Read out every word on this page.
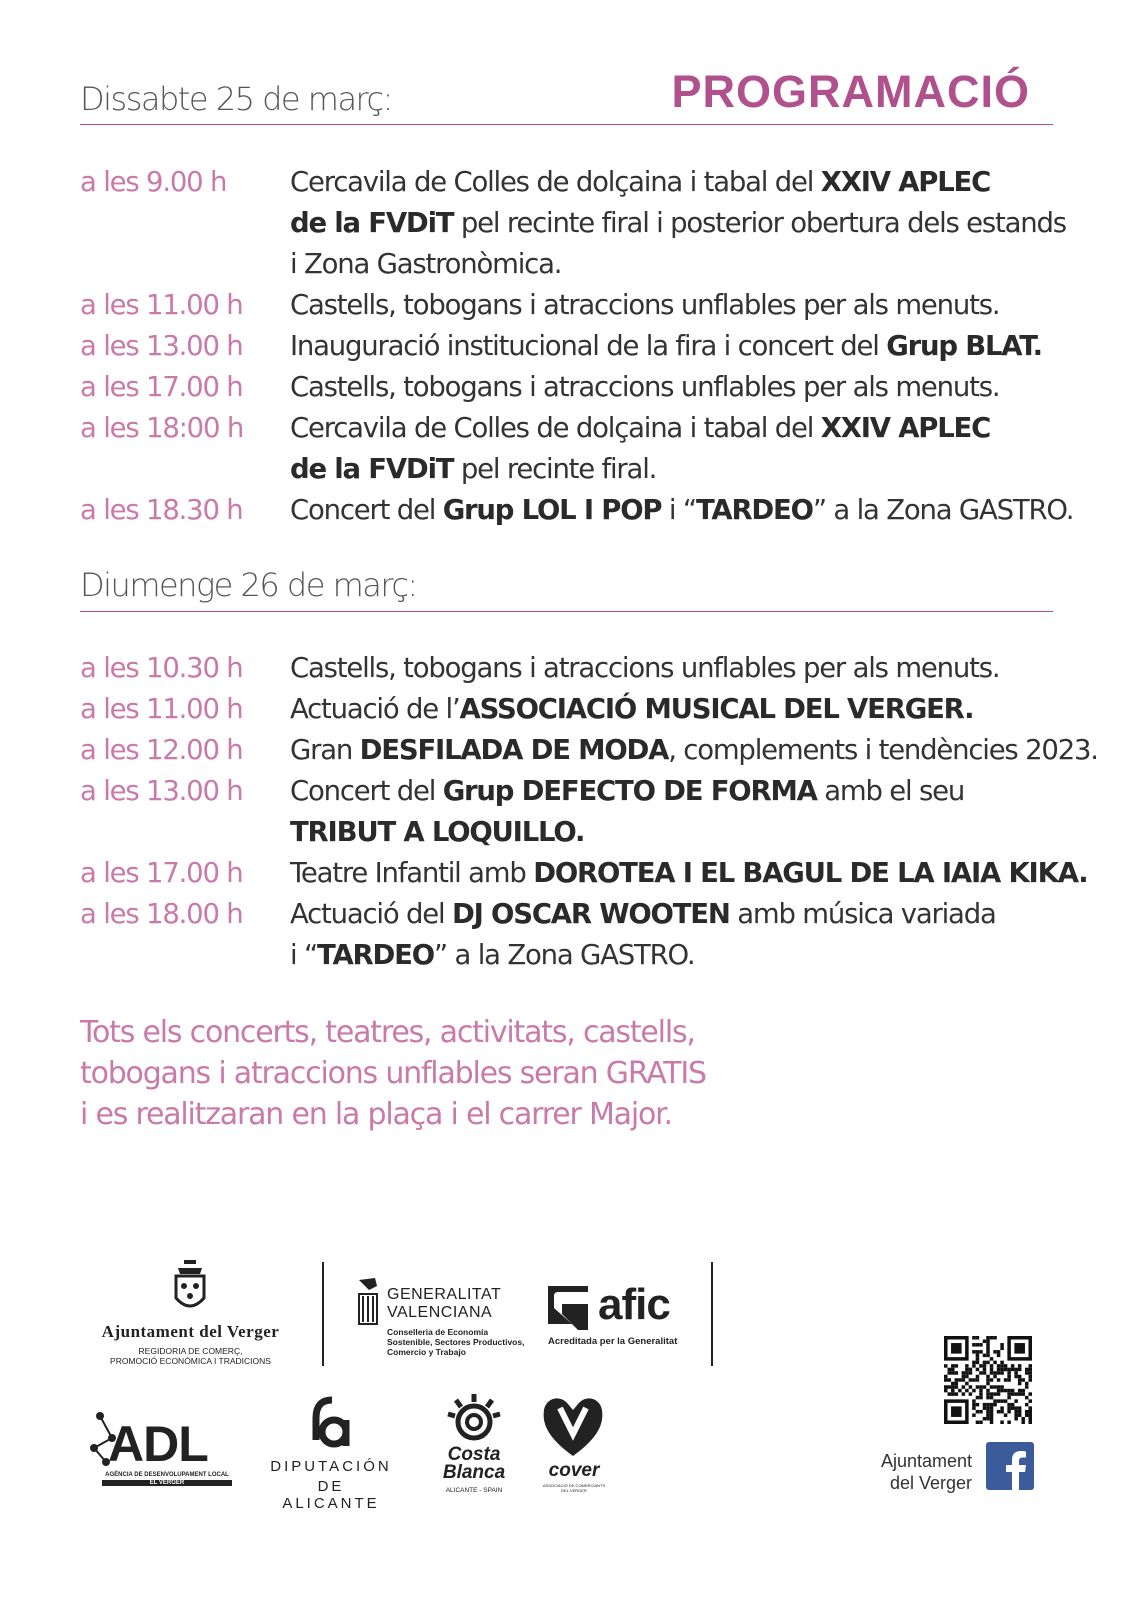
PROGRAMACIÓ
Dissabte 25 de març:
a les 9.00 h Cercavila de Colles de dolçaina i tabal del XXIV APLEC
de la FVDiT pel recinte firal i posterior obertura dels estands
i Zona Gastronòmica.
a les 11.00 h Castells, tobogans i atraccions unflables per als menuts.
a les 13.00 h Inauguració institucional de la fira i concert del Grup BLAT.
a les 17.00 h Castells, tobogans i atraccions unflables per als menuts.
a les 18:00 h Cercavila de Colles de dolçaina i tabal del XXIV APLEC
de la FVDiT pel recinte firal.
a les 18.30 h Concert del Grup LOL I POP i “TARDEO” a la Zona GASTRO.
Diumenge 26 de març:
a les 10.30 h Castells, tobogans i atraccions unflables per als menuts.
a les 11.00 h Actuació de l’ASSOCIACIÓ MUSICAL DEL VERGER.
a les 12.00 h Gran DESFILADA DE MODA, complements i tendències 2023.
a les 13.00 h Concert del Grup DEFECTO DE FORMA amb el seu
TRIBUT A LOQUILLO.
a les 17.00 h Teatre Infantil amb DOROTEA I EL BAGUL DE LA IAIA KIKA.
a les 18.00 h Actuació del DJ OSCAR WOOTEN amb música variada
i “TARDEO” a la Zona GASTRO.
Tots els concerts, teatres, activitats, castells,
tobogans i atraccions unflables seran GRATIS
i es realitzaran en la plaça i el carrer Major.
Ajuntament del Verger
REGIDORIA DE COMERÇ,
PROMOCIÓ ECONÒMICA I TRADICIONS
GENERALITAT
VALENCIANA
Conselleria de Economía
Sostenible, Sectores Productivos,
Comercio y Trabajo
afic
Acreditada per la Generalitat
ADL
AGÈNCIA DE DESENVOLUPAMENT LOCAL
EL VERGER
DIPUTACIÓN
DE ALICANTE
Costa
Blanca
ALICANTE - SPAIN
cover
ASSOCIACIÓ DE COMERCIANTS DEL VERGER
Ajuntament
del Verger
